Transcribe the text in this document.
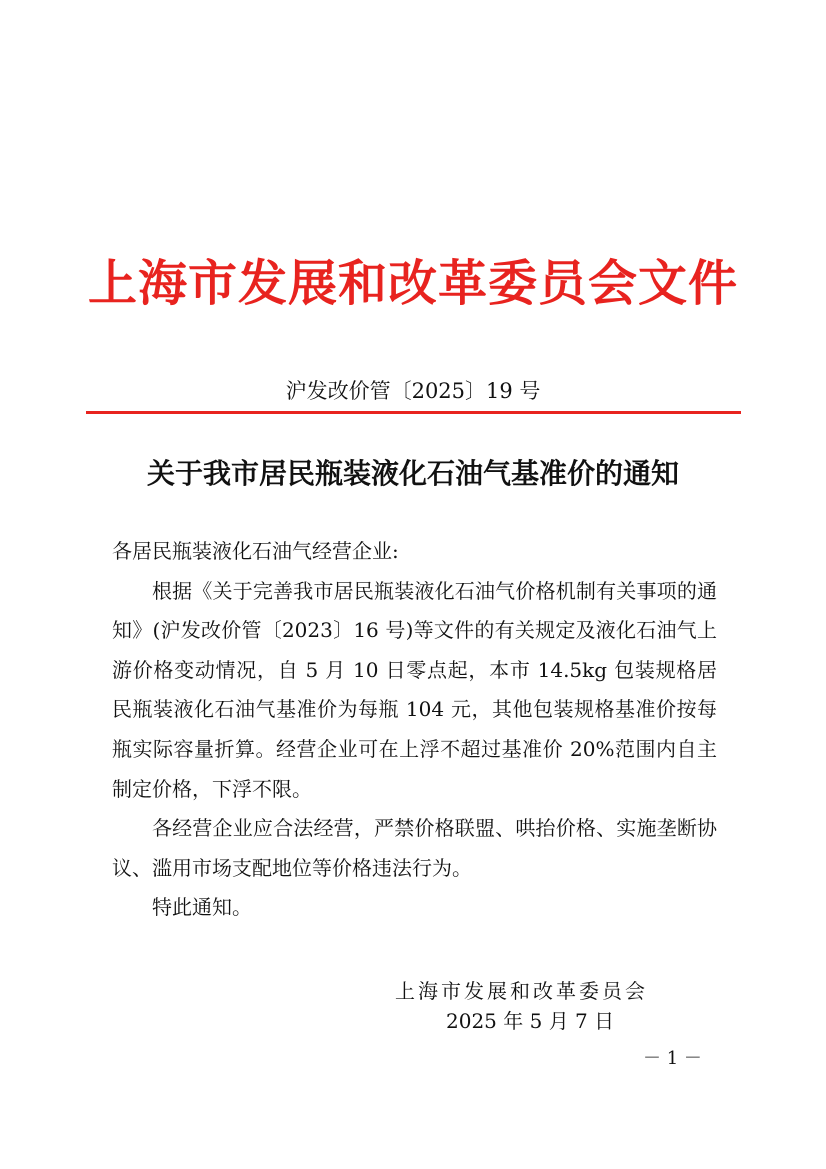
上海市发展和改革委员会文件
沪发改价管〔2025〕19 号
关于我市居民瓶装液化石油气基准价的通知

各居民瓶装液化石油气经营企业:

根据《关于完善我市居民瓶装液化石油气价格机制有关事项的通知》(沪发改价管〔2023〕16 号)等文件的有关规定及液化石油气上游价格变动情况，自 5 月 10 日零点起，本市 14.5kg 包装规格居民瓶装液化石油气基准价为每瓶 104 元，其他包装规格基准价按每瓶实际容量折算。经营企业可在上浮不超过基准价 20%范围内自主制定价格，下浮不限。

各经营企业应合法经营，严禁价格联盟、哄抬价格、实施垄断协议、滥用市场支配地位等价格违法行为。

特此通知。

上海市发展和改革委员会
2025 年 5 月 7 日
－ 1 －
